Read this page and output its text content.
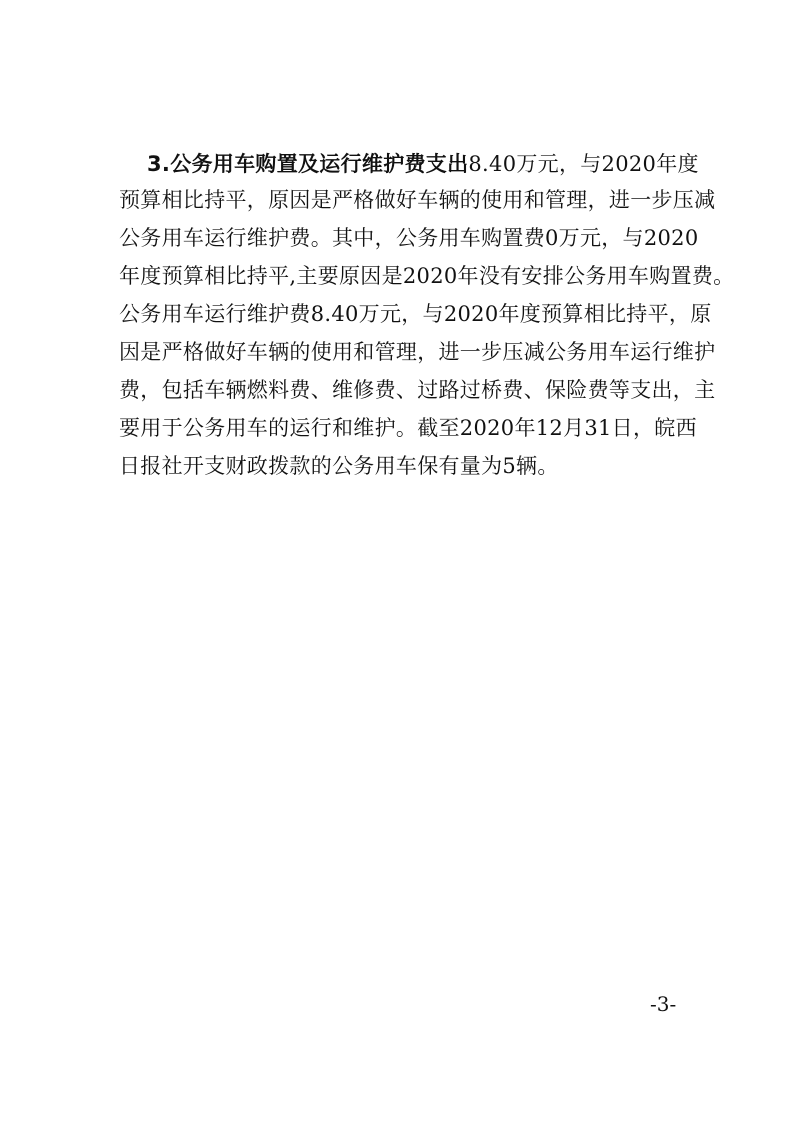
3.公务用车购置及运行维护费支出8.40万元，与2020年度
预算相比持平，原因是严格做好车辆的使用和管理，进一步压减
公务用车运行维护费。其中，公务用车购置费0万元，与2020
年度预算相比持平,主要原因是2020年没有安排公务用车购置费。
公务用车运行维护费8.40万元，与2020年度预算相比持平，原
因是严格做好车辆的使用和管理，进一步压减公务用车运行维护
费，包括车辆燃料费、维修费、过路过桥费、保险费等支出，主
要用于公务用车的运行和维护。截至2020年12月31日，皖西
日报社开支财政拨款的公务用车保有量为5辆。
-3-
